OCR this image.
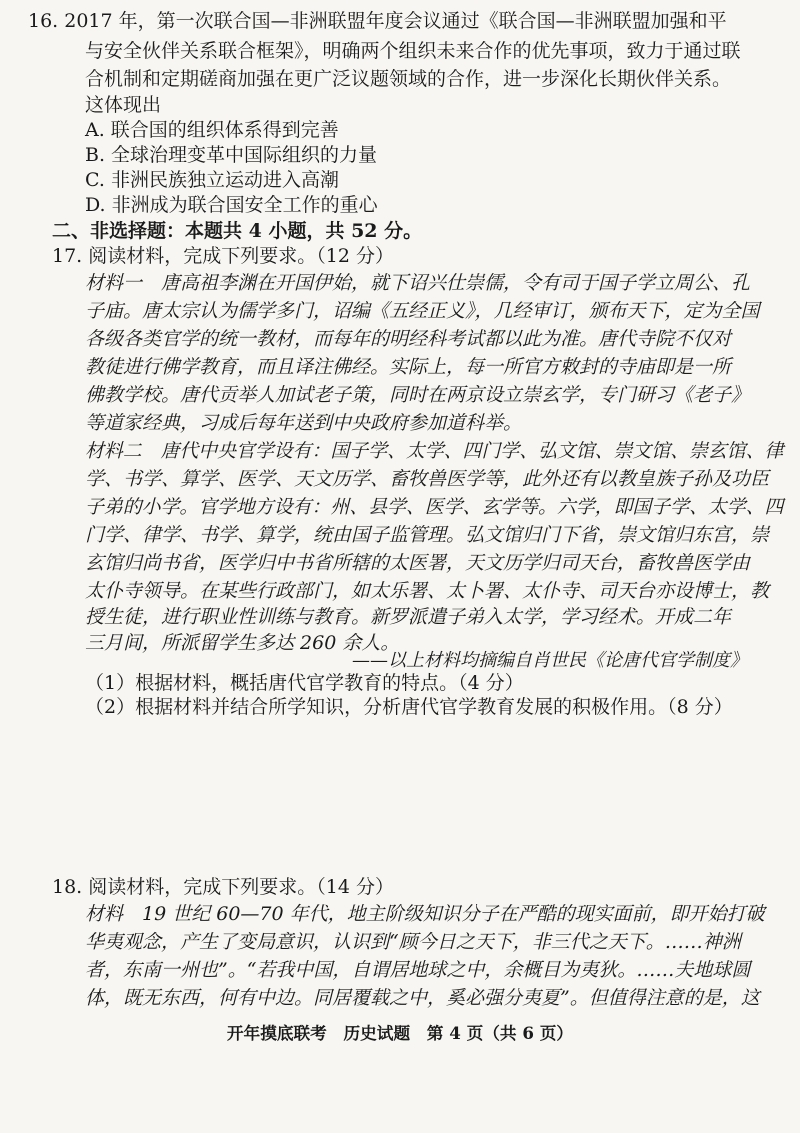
16. 2017 年，第一次联合国—非洲联盟年度会议通过《联合国—非洲联盟加强和平
与安全伙伴关系联合框架》，明确两个组织未来合作的优先事项，致力于通过联
合机制和定期磋商加强在更广泛议题领域的合作，进一步深化长期伙伴关系。
这体现出
A. 联合国的组织体系得到完善
B. 全球治理变革中国际组织的力量
C. 非洲民族独立运动进入高潮
D. 非洲成为联合国安全工作的重心
二、非选择题：本题共 4 小题，共 52 分。
17. 阅读材料，完成下列要求。（12 分）
材料一　唐高祖李渊在开国伊始，就下诏兴仕崇儒，令有司于国子学立周公、孔
子庙。唐太宗认为儒学多门，诏编《五经正义》，几经审订，颁布天下，定为全国
各级各类官学的统一教材，而每年的明经科考试都以此为准。唐代寺院不仅对
教徒进行佛学教育，而且译注佛经。实际上，每一所官方敕封的寺庙即是一所
佛教学校。唐代贡举人加试老子策，同时在两京设立崇玄学，专门研习《老子》
等道家经典，习成后每年送到中央政府参加道科举。
材料二　唐代中央官学设有：国子学、太学、四门学、弘文馆、崇文馆、崇玄馆、律
学、书学、算学、医学、天文历学、畜牧兽医学等，此外还有以教皇族子孙及功臣
子弟的小学。官学地方设有：州、县学、医学、玄学等。六学，即国子学、太学、四
门学、律学、书学、算学，统由国子监管理。弘文馆归门下省，崇文馆归东宫，崇
玄馆归尚书省，医学归中书省所辖的太医署，天文历学归司天台，畜牧兽医学由
太仆寺领导。在某些行政部门，如太乐署、太卜署、太仆寺、司天台亦设博士，教
授生徒，进行职业性训练与教育。新罗派遣子弟入太学，学习经术。开成二年
三月间，所派留学生多达 260 余人。
——以上材料均摘编自肖世民《论唐代官学制度》
（1）根据材料，概括唐代官学教育的特点。（4 分）
（2）根据材料并结合所学知识，分析唐代官学教育发展的积极作用。（8 分）
18. 阅读材料，完成下列要求。（14 分）
材料　19 世纪 60—70 年代，地主阶级知识分子在严酷的现实面前，即开始打破
华夷观念，产生了变局意识，认识到“顾今日之天下，非三代之天下。……神洲
者，东南一州也”。“若我中国，自谓居地球之中，余概目为夷狄。……夫地球圆
体，既无东西，何有中边。同居覆载之中，奚必强分夷夏”。但值得注意的是，这
开年摸底联考　历史试题　第 4 页（共 6 页）
